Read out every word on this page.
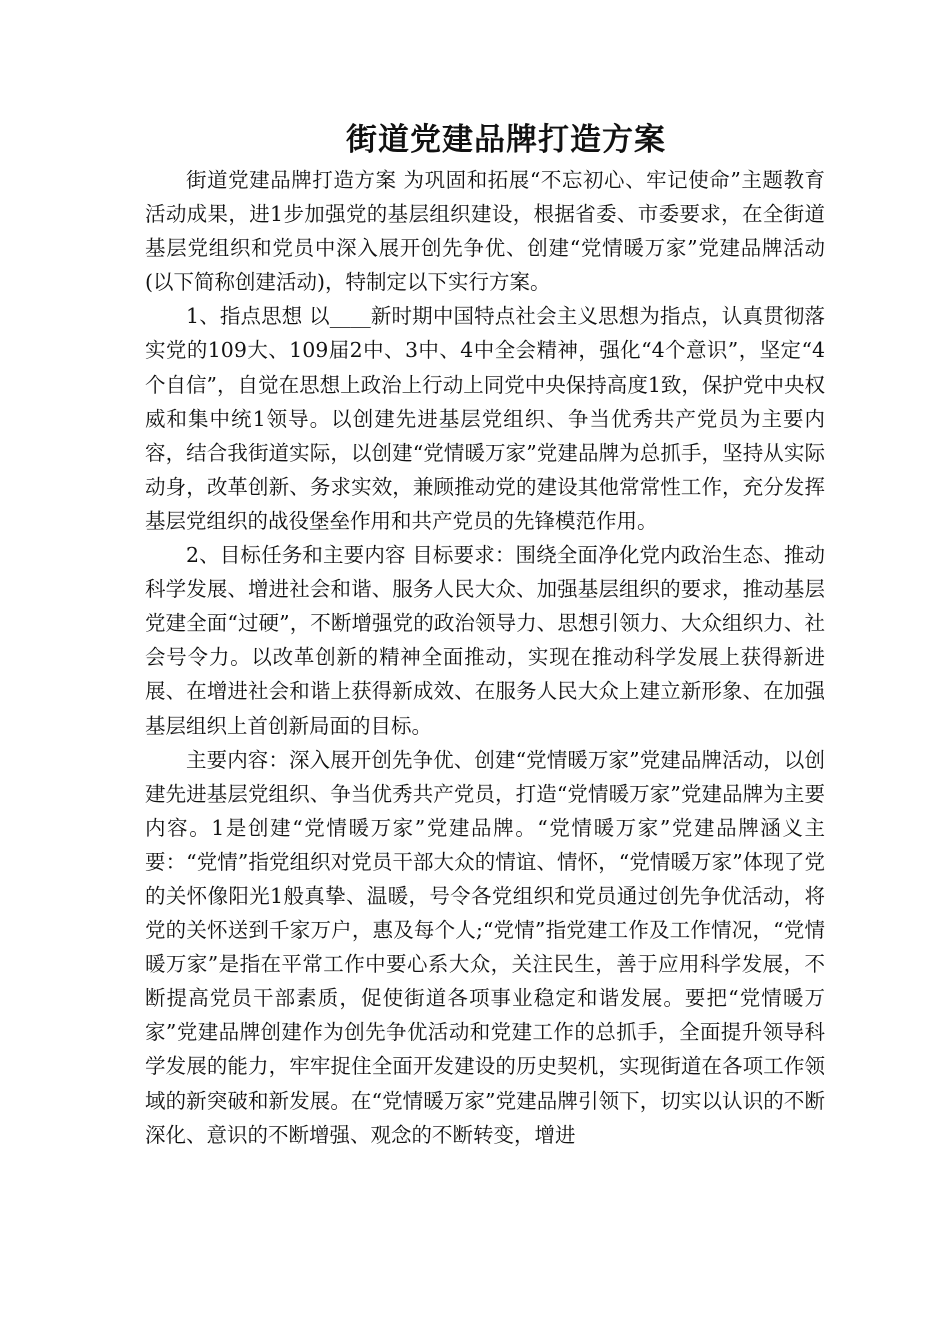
街道党建品牌打造方案

街道党建品牌打造方案 为巩固和拓展“不忘初心、牢记使命”主题教育活动成果，进1步加强党的基层组织建设，根据省委、市委要求，在全街道基层党组织和党员中深入展开创先争优、创建“党情暖万家”党建品牌活动(以下简称创建活动)，特制定以下实行方案。

1、指点思想 以____新时期中国特点社会主义思想为指点，认真贯彻落实党的109大、109届2中、3中、4中全会精神，强化“4个意识”，坚定“4个自信”，自觉在思想上政治上行动上同党中央保持高度1致，保护党中央权威和集中统1领导。以创建先进基层党组织、争当优秀共产党员为主要内容，结合我街道实际，以创建“党情暖万家”党建品牌为总抓手，坚持从实际动身，改革创新、务求实效，兼顾推动党的建设其他常常性工作，充分发挥基层党组织的战役堡垒作用和共产党员的先锋模范作用。

2、目标任务和主要内容 目标要求：围绕全面净化党内政治生态、推动科学发展、增进社会和谐、服务人民大众、加强基层组织的要求，推动基层党建全面“过硬”，不断增强党的政治领导力、思想引领力、大众组织力、社会号令力。以改革创新的精神全面推动，实现在推动科学发展上获得新进展、在增进社会和谐上获得新成效、在服务人民大众上建立新形象、在加强基层组织上首创新局面的目标。

主要内容：深入展开创先争优、创建“党情暖万家”党建品牌活动，以创建先进基层党组织、争当优秀共产党员，打造“党情暖万家”党建品牌为主要内容。1是创建“党情暖万家”党建品牌。“党情暖万家”党建品牌涵义主要：“党情”指党组织对党员干部大众的情谊、情怀，“党情暖万家”体现了党的关怀像阳光1般真挚、温暖，号令各党组织和党员通过创先争优活动，将党的关怀送到千家万户，惠及每个人;“党情”指党建工作及工作情况，“党情暖万家”是指在平常工作中要心系大众，关注民生，善于应用科学发展，不断提高党员干部素质，促使街道各项事业稳定和谐发展。要把“党情暖万家”党建品牌创建作为创先争优活动和党建工作的总抓手，全面提升领导科学发展的能力，牢牢捉住全面开发建设的历史契机，实现街道在各项工作领域的新突破和新发展。在“党情暖万家”党建品牌引领下，切实以认识的不断深化、意识的不断增强、观念的不断转变，增进
